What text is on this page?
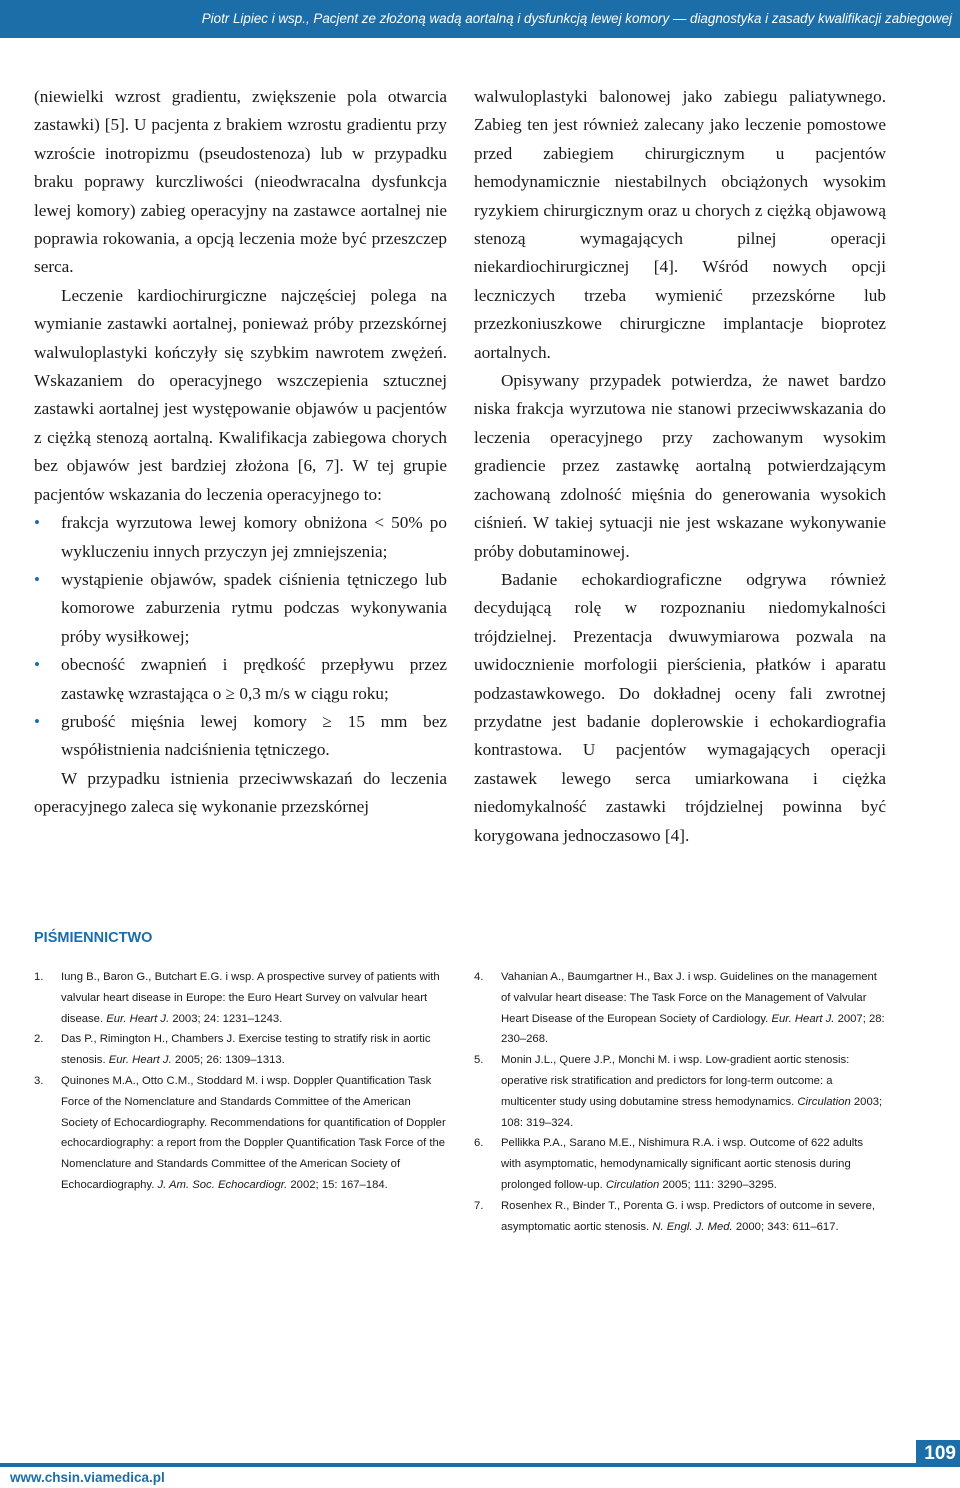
Piotr Lipiec i wsp., Pacjent ze złożoną wadą aortalną i dysfunkcją lewej komory — diagnostyka i zasady kwalifikacji zabiegowej

(niewielki wzrost gradientu, zwiększenie pola otwarcia zastawki) [5]. U pacjenta z brakiem wzrostu gradientu przy wzroście inotropizmu (pseudostenoza) lub w przypadku braku poprawy kurczliwości (nieodwracalna dysfunkcja lewej komory) zabieg operacyjny na zastawce aortalnej nie poprawia rokowania, a opcją leczenia może być przeszczep serca.

Leczenie kardiochirurgiczne najczęściej polega na wymianie zastawki aortalnej, ponieważ próby przezskórnej walwuloplastyki kończyły się szybkim nawrotem zwężeń. Wskazaniem do operacyjnego wszczepienia sztucznej zastawki aortalnej jest występowanie objawów u pacjentów z ciężką stenozą aortalną. Kwalifikacja zabiegowa chorych bez objawów jest bardziej złożona [6, 7]. W tej grupie pacjentów wskazania do leczenia operacyjnego to:

• frakcja wyrzutowa lewej komory obniżona < 50% po wykluczeniu innych przyczyn jej zmniejszenia;
• wystąpienie objawów, spadek ciśnienia tętniczego lub komorowe zaburzenia rytmu podczas wykonywania próby wysiłkowej;
• obecność zwapnień i prędkość przepływu przez zastawkę wzrastająca o ≥ 0,3 m/s w ciągu roku;
• grubość mięśnia lewej komory ≥ 15 mm bez współistnienia nadciśnienia tętniczego.

W przypadku istnienia przeciwwskazań do leczenia operacyjnego zaleca się wykonanie przezskórnej

walwuloplastyki balonowej jako zabiegu paliatywnego. Zabieg ten jest również zalecany jako leczenie pomostowe przed zabiegiem chirurgicznym u pacjentów hemodynamicznie niestabilnych obciążonych wysokim ryzykiem chirurgicznym oraz u chorych z ciężką objawową stenozą wymagających pilnej operacji niekardiochirurgicznej [4]. Wśród nowych opcji leczniczych trzeba wymienić przezskórne lub przezkoniuszkowe chirurgiczne implantacje bioprotez aortalnych.

Opisywany przypadek potwierdza, że nawet bardzo niska frakcja wyrzutowa nie stanowi przeciwwskazania do leczenia operacyjnego przy zachowanym wysokim gradiencie przez zastawkę aortalną potwierdzającym zachowaną zdolność mięśnia do generowania wysokich ciśnień. W takiej sytuacji nie jest wskazane wykonywanie próby dobutaminowej.

Badanie echokardiograficzne odgrywa również decydującą rolę w rozpoznaniu niedomykalności trójdzielnej. Prezentacja dwuwymiarowa pozwala na uwidocznienie morfologii pierścienia, płatków i aparatu podzastawkowego. Do dokładnej oceny fali zwrotnej przydatne jest badanie doplerowskie i echokardiografia kontrastowa. U pacjentów wymagających operacji zastawek lewego serca umiarkowana i ciężka niedomykalność zastawki trójdzielnej powinna być korygowana jednoczasowo [4].

PIŚMIENNICTWO
1.	Iung B., Baron G., Butchart E.G. i wsp. A prospective survey of patients with valvular heart disease in Europe: the Euro Heart Survey on valvular heart disease. Eur. Heart J. 2003; 24: 1231–1243.
2.	Das P., Rimington H., Chambers J. Exercise testing to stratify risk in aortic stenosis. Eur. Heart J. 2005; 26: 1309–1313.
3.	Quinones M.A., Otto C.M., Stoddard M. i wsp. Doppler Quantification Task Force of the Nomenclature and Standards Committee of the American Society of Echocardiography. Recommendations for quantification of Doppler echocardiography: a report from the Doppler Quantification Task Force of the Nomenclature and Standards Committee of the American Society of Echocardiography. J. Am. Soc. Echocardiogr. 2002; 15: 167–184.
4.	Vahanian A., Baumgartner H., Bax J. i wsp. Guidelines on the management of valvular heart disease: The Task Force on the Management of Valvular Heart Disease of the European Society of Cardiology. Eur. Heart J. 2007; 28: 230–268.
5.	Monin J.L., Quere J.P., Monchi M. i wsp. Low-gradient aortic stenosis: operative risk stratification and predictors for long-term outcome: a multicenter study using dobutamine stress hemodynamics. Circulation 2003; 108: 319–324.
6.	Pellikka P.A., Sarano M.E., Nishimura R.A. i wsp. Outcome of 622 adults with asymptomatic, hemodynamically significant aortic stenosis during prolonged follow-up. Circulation 2005; 111: 3290–3295.
7.	Rosenhex R., Binder T., Porenta G. i wsp. Predictors of outcome in severe, asymptomatic aortic stenosis. N. Engl. J. Med. 2000; 343: 611–617.
109
www.chsin.viamedica.pl
